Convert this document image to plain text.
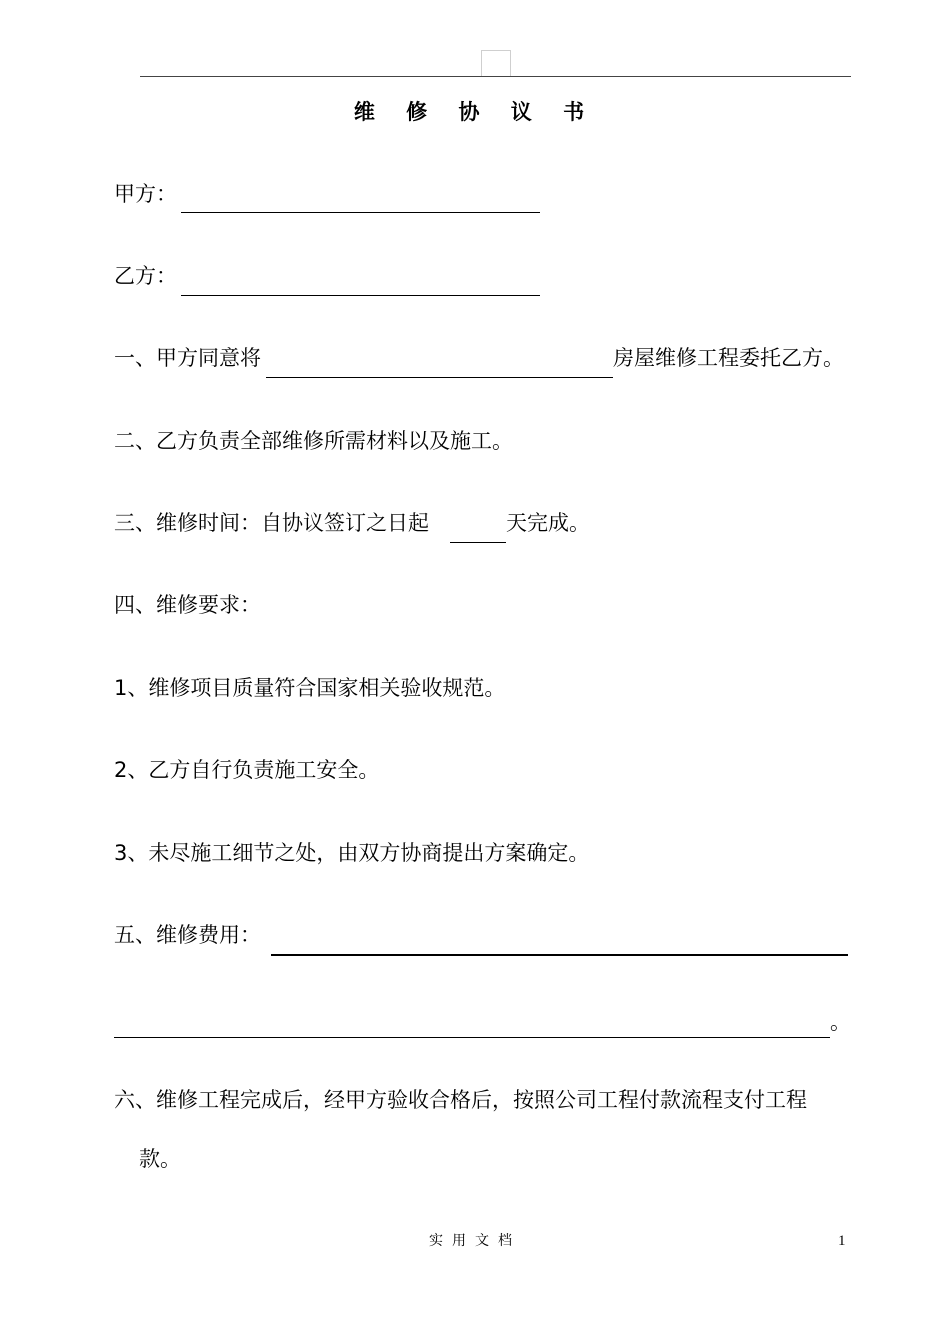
维 修 协 议 书
甲方：
乙方：
一、甲方同意将	房屋维修工程委托乙方。
二、乙方负责全部维修所需材料以及施工。
三、维修时间：自协议签订之日起	天完成。
四、维修要求：
1、维修项目质量符合国家相关验收规范。
2、乙方自行负责施工安全。
3、未尽施工细节之处，由双方协商提出方案确定。
五、维修费用：
。
六、维修工程完成后，经甲方验收合格后，按照公司工程付款流程支付工程
款。
实用文档	1
